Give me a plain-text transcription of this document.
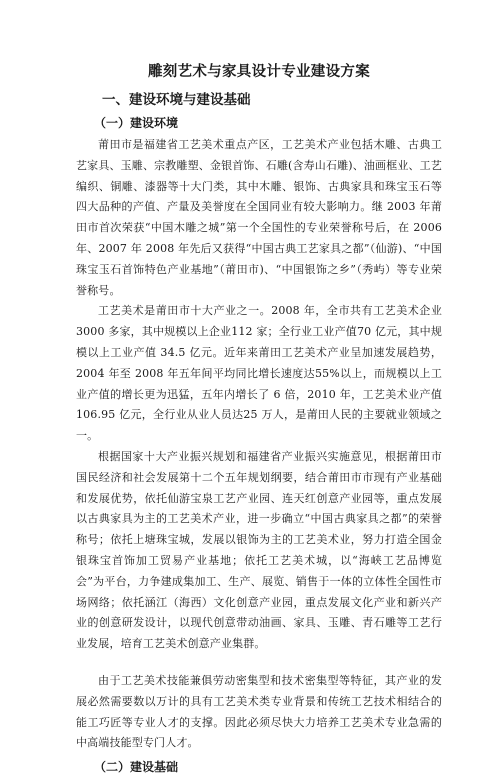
雕刻艺术与家具设计专业建设方案
一、建设环境与建设基础
（一）建设环境

莆田市是福建省工艺美术重点产区，工艺美术产业包括木雕、古典工艺家具、玉雕、宗教雕塑、金银首饰、石雕(含寿山石雕)、油画框业、工艺编织、铜雕、漆器等十大门类，其中木雕、银饰、古典家具和珠宝玉石等四大品种的产值、产量及美誉度在全国同业有较大影响力。继 2003 年莆田市首次荣获“中国木雕之城”第一个全国性的专业荣誉称号后，在 2006 年、2007 年 2008 年先后又获得“中国古典工艺家具之都”（仙游)、“中国珠宝玉石首饰特色产业基地”（莆田市)、“中国银饰之乡”（秀屿）等专业荣誉称号。

工艺美术是莆田市十大产业之一。2008 年，全市共有工艺美术企业3000 多家，其中规模以上企业112 家；全行业工业产值70 亿元，其中规模以上工业产值 34.5 亿元。近年来莆田工艺美术产业呈加速发展趋势，2004 年至 2008 年五年间平均同比增长速度达55%以上，而规模以上工业产值的增长更为迅猛，五年内增长了 6 倍，2010 年，工艺美术业产值106.95 亿元，全行业从业人员达25 万人，是莆田人民的主要就业领域之一。

根据国家十大产业振兴规划和福建省产业振兴实施意见，根据莆田市国民经济和社会发展第十二个五年规划纲要，结合莆田市市现有产业基础和发展优势，依托仙游宝泉工艺产业园、连天红创意产业园等，重点发展以古典家具为主的工艺美术产业，进一步确立“中国古典家具之都”的荣誉称号；依托上塘珠宝城，发展以银饰为主的工艺美术业，努力打造全国金银珠宝首饰加工贸易产业基地；依托工艺美术城，以“海峡工艺品博览会”为平台，力争建成集加工、生产、展览、销售于一体的立体性全国性市场网络；依托涵江（海西）文化创意产业园，重点发展文化产业和新兴产业的创意研发设计，以现代创意带动油画、家具、玉雕、青石雕等工艺行业发展，培育工艺美术创意产业集群。

由于工艺美术技能兼俱劳动密集型和技术密集型等特征，其产业的发展必然需要数以万计的具有工艺美术类专业背景和传统工艺技术相结合的能工巧匠等专业人才的支撑。因此必须尽快大力培养工艺美术专业急需的中高端技能型专门人才。

（二）建设基础
